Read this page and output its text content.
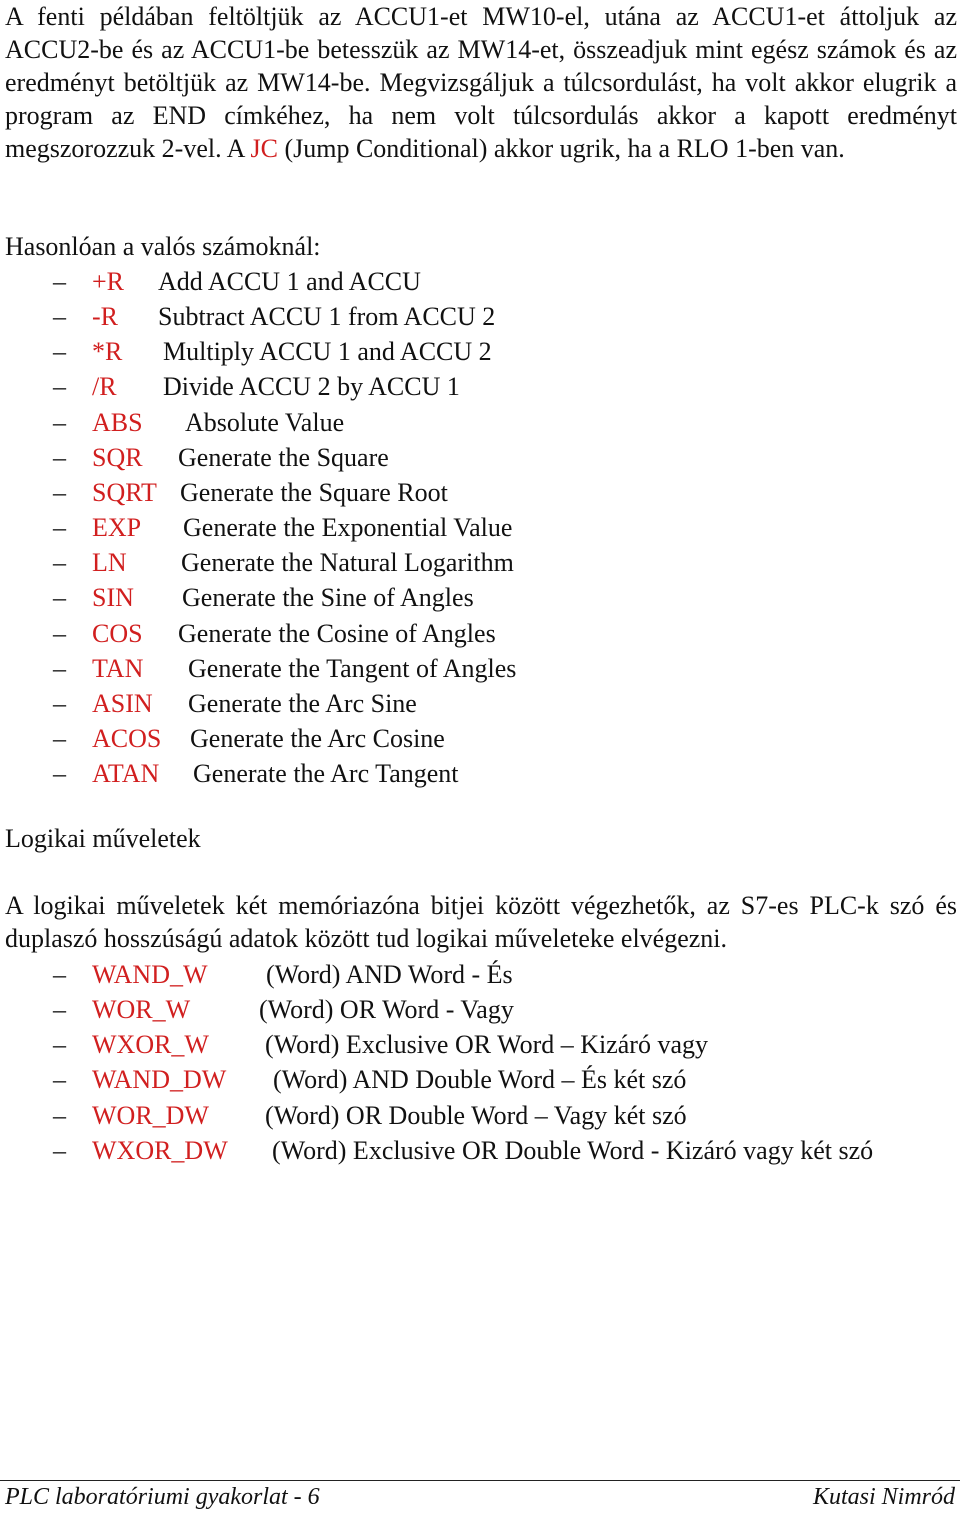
A fenti példában feltöltjük az ACCU1-et MW10-el, utána az ACCU1-et áttoljuk az ACCU2-be és az ACCU1-be betesszük az MW14-et, összeadjuk mint egész számok és az eredményt betöltjük az MW14-be. Megvizsgáljuk a túlcsordulást, ha volt akkor elugrik a program az END címkéhez, ha nem volt túlcsordulás akkor a kapott eredményt megszorozzuk 2-vel. A JC (Jump Conditional) akkor ugrik, ha a RLO 1-ben van.

Hasonlóan a valós számoknál:

– +R Add ACCU 1 and ACCU
– -R Subtract ACCU 1 from ACCU 2
– *R Multiply ACCU 1 and ACCU 2
– /R Divide ACCU 2 by ACCU 1
– ABS Absolute Value
– SQR Generate the Square
– SQRT Generate the Square Root
– EXP Generate the Exponential Value
– LN Generate the Natural Logarithm
– SIN Generate the Sine of Angles
– COS Generate the Cosine of Angles
– TAN Generate the Tangent of Angles
– ASIN Generate the Arc Sine
– ACOS Generate the Arc Cosine
– ATAN Generate the Arc Tangent

Logikai műveletek

A logikai műveletek két memóriazóna bitjei között végezhetők, az S7-es PLC-k szó és duplaszó hosszúságú adatok között tud logikai műveleteke elvégezni.

– WAND_W (Word) AND Word - És
– WOR_W	(Word) OR Word - Vagy
– WXOR_W (Word) Exclusive OR Word – Kizáró vagy
– WAND_DW (Word) AND Double Word – És két szó
– WOR_DW (Word) OR Double Word – Vagy két szó
– WXOR_DW (Word) Exclusive OR Double Word - Kizáró vagy két szó
PLC laboratóriumi gyakorlat - 6	Kutasi Nimród
